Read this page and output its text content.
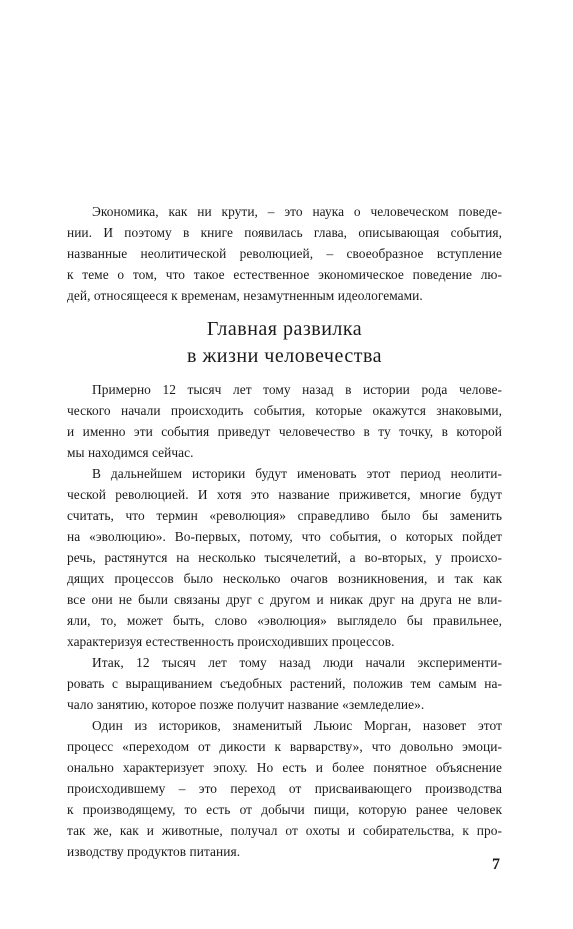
Экономика, как ни крути, – это наука о человеческом поведе-
нии. И поэтому в книге появилась глава, описывающая события,
названные неолитической революцией, – своеобразное вступление
к теме о том, что такое естественное экономическое поведение лю-
дей, относящееся к временам, незамутненным идеологемами.
Главная развилка
в жизни человечества
Примерно 12 тысяч лет тому назад в истории рода челове-
ческого начали происходить события, которые окажутся знаковыми,
и именно эти события приведут человечество в ту точку, в которой
мы находимся сейчас.
В дальнейшем историки будут именовать этот период неолити-
ческой революцией. И хотя это название приживется, многие будут
считать, что термин «революция» справедливо было бы заменить
на «эволюцию». Во-первых, потому, что события, о которых пойдет
речь, растянутся на несколько тысячелетий, а во-вторых, у происхо-
дящих процессов было несколько очагов возникновения, и так как
все они не были связаны друг с другом и никак друг на друга не вли-
яли, то, может быть, слово «эволюция» выглядело бы правильнее,
характеризуя естественность происходивших процессов.
Итак, 12 тысяч лет тому назад люди начали эксперименти-
ровать с выращиванием съедобных растений, положив тем самым на-
чало занятию, которое позже получит название «земледелие».
Один из историков, знаменитый Льюис Морган, назовет этот
процесс «переходом от дикости к варварству», что довольно эмоци-
онально характеризует эпоху. Но есть и более понятное объяснение
происходившему – это переход от присваивающего производства
к производящему, то есть от добычи пищи, которую ранее человек
так же, как и животные, получал от охоты и собирательства, к про-
изводству продуктов питания.
7
